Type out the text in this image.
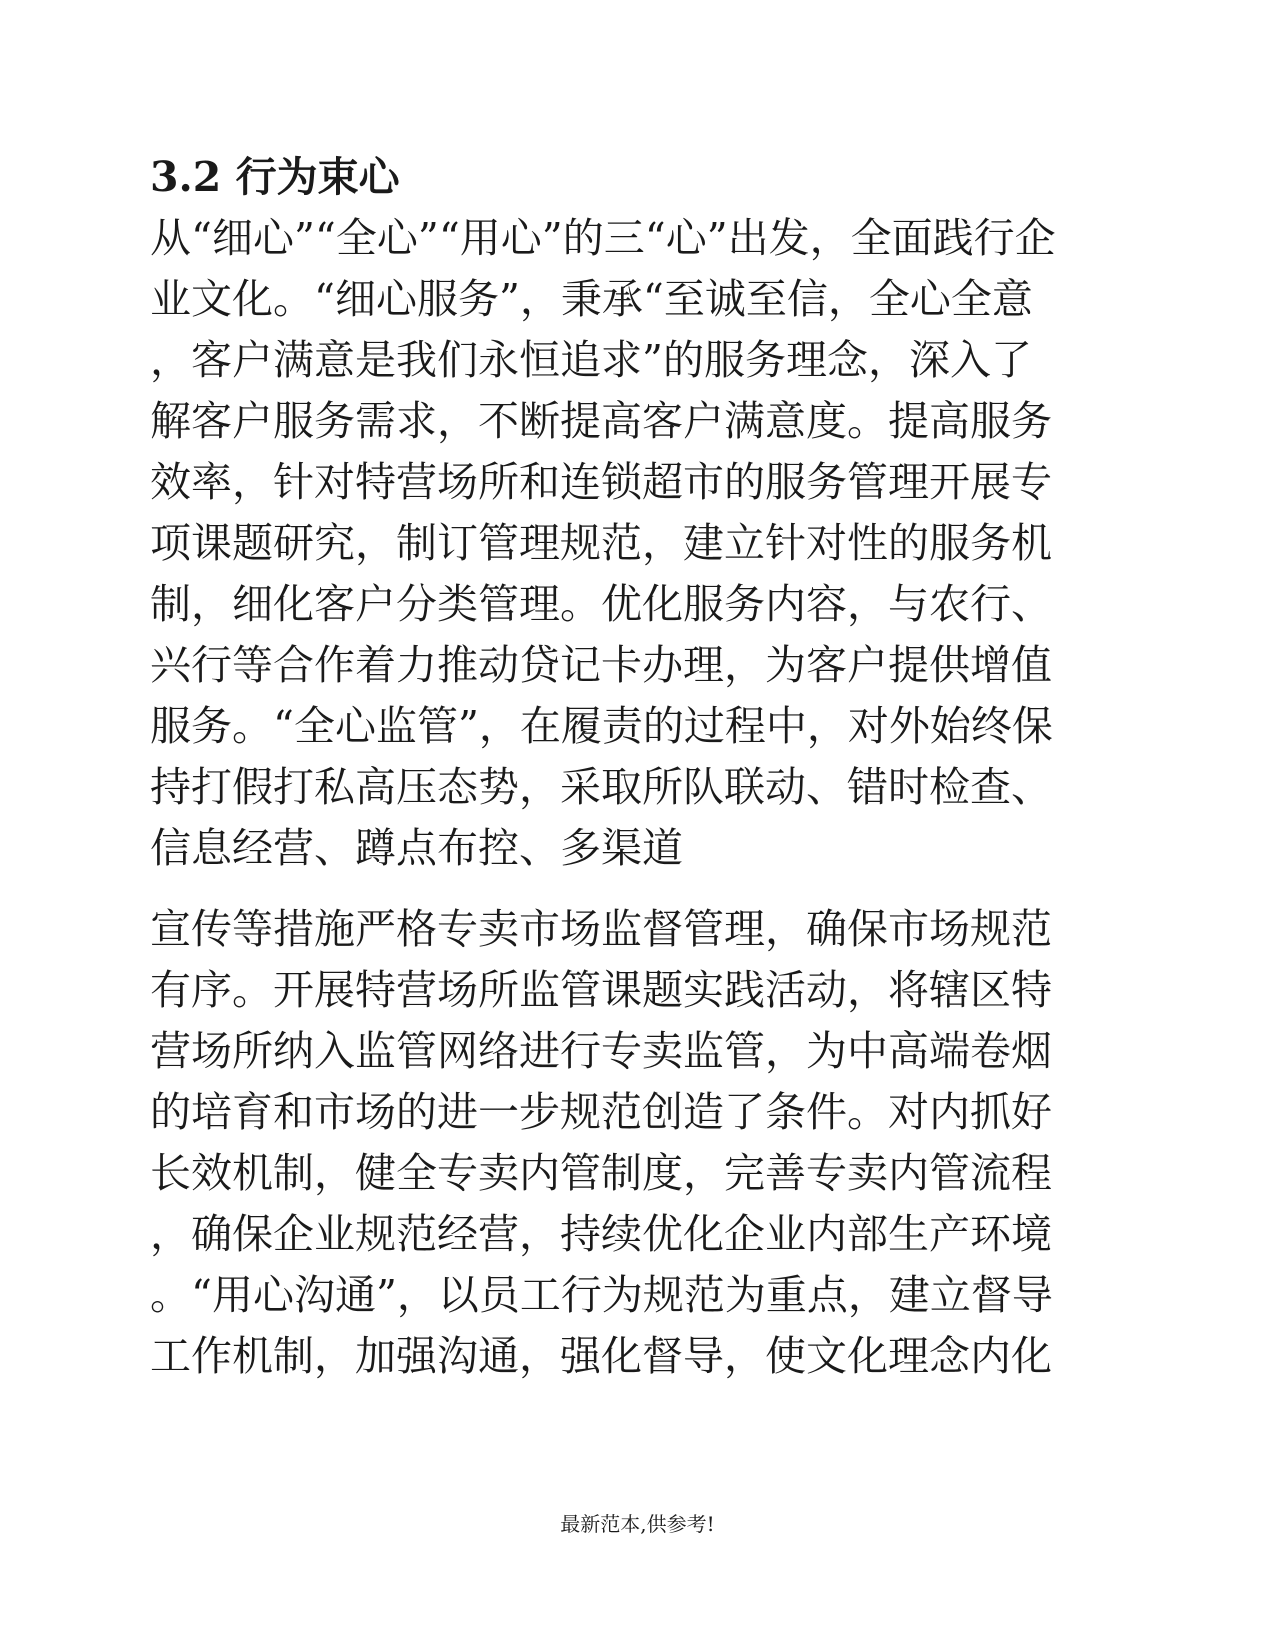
3.2 行为束心
从“细心”“全心”“用心”的三“心”出发，全面践行企
业文化。“细心服务”，秉承“至诚至信，全心全意
，客户满意是我们永恒追求”的服务理念，深入了
解客户服务需求，不断提高客户满意度。提高服务
效率，针对特营场所和连锁超市的服务管理开展专
项课题研究，制订管理规范，建立针对性的服务机
制，细化客户分类管理。优化服务内容，与农行、
兴行等合作着力推动贷记卡办理，为客户提供增值
服务。“全心监管”，在履责的过程中，对外始终保
持打假打私高压态势，采取所队联动、错时检查、
信息经营、蹲点布控、多渠道
宣传等措施严格专卖市场监督管理，确保市场规范
有序。开展特营场所监管课题实践活动，将辖区特
营场所纳入监管网络进行专卖监管，为中高端卷烟
的培育和市场的进一步规范创造了条件。对内抓好
长效机制，健全专卖内管制度，完善专卖内管流程
，确保企业规范经营，持续优化企业内部生产环境
。“用心沟通”，以员工行为规范为重点，建立督导
工作机制，加强沟通，强化督导，使文化理念内化
最新范本,供参考!
